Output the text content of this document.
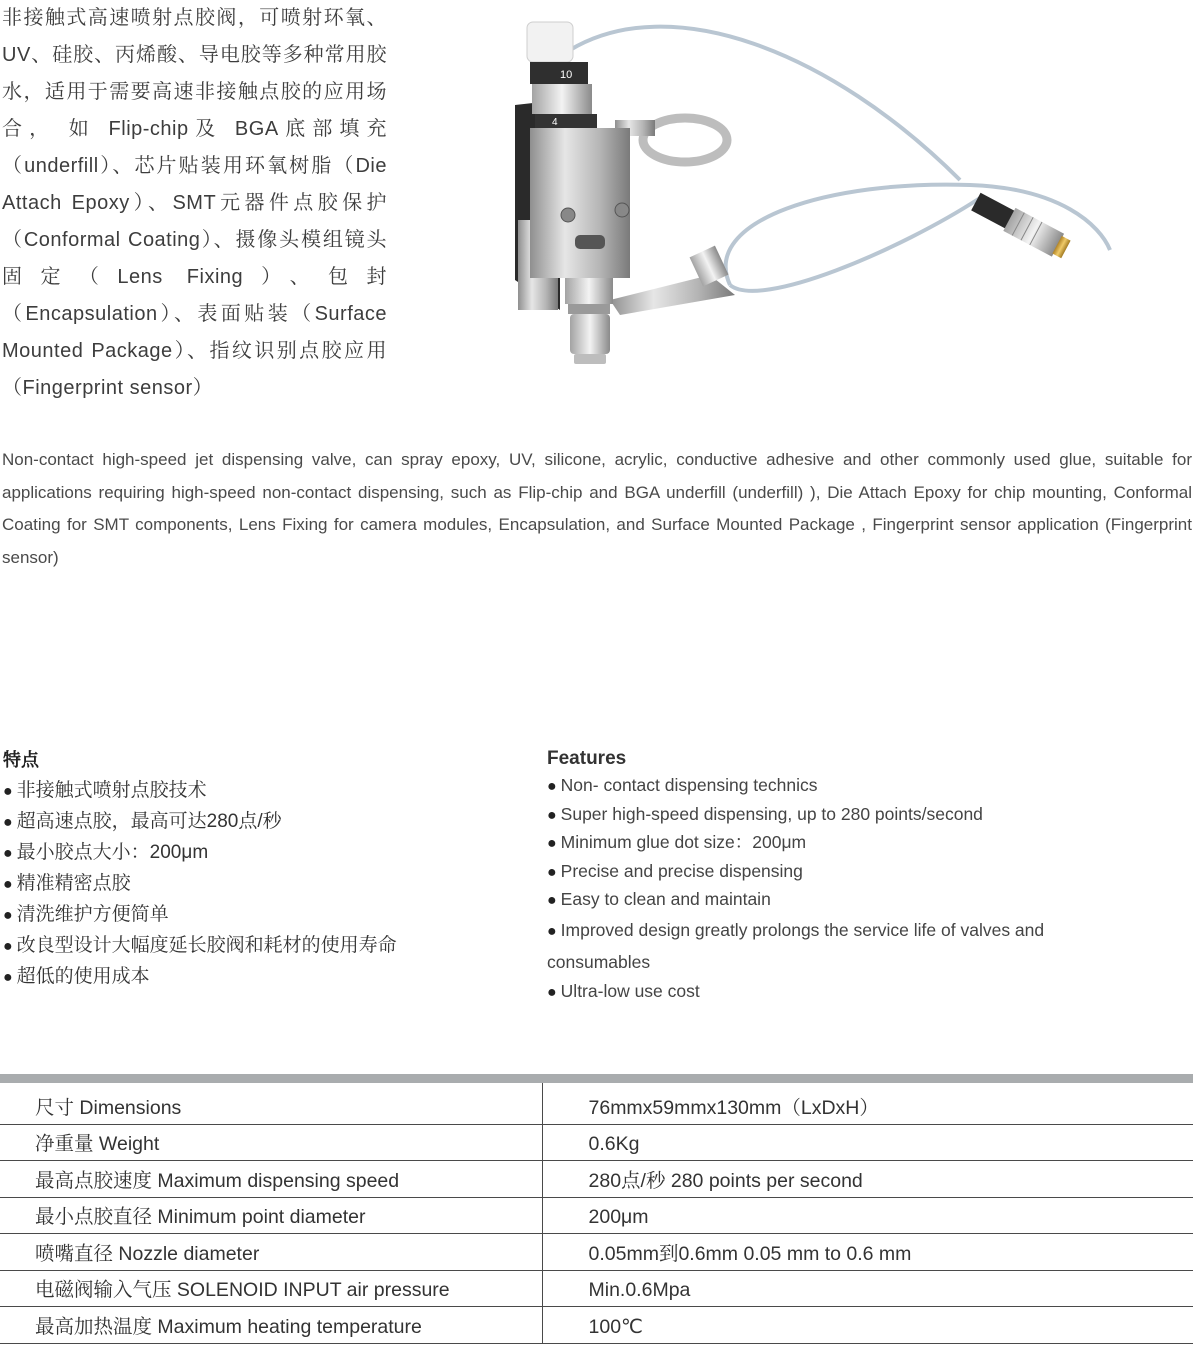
非接触式高速喷射点胶阀，可喷射环氧、UV、硅胶、丙烯酸、导电胶等多种常用胶水，适用于需要高速非接触点胶的应用场合， 如 Flip-chip及 BGA底部填充（underfill）、芯片贴装用环氧树脂（Die Attach Epoxy）、SMT元器件点胶保护（Conformal Coating）、摄像头模组镜头固定（Lens Fixing）、包封（Encapsulation）、表面贴装（Surface Mounted Package）、指纹识别点胶应用（Fingerprint sensor）
10
4
Non-contact high-speed jet dispensing valve, can spray epoxy, UV, silicone, acrylic, conductive adhesive and other commonly used glue, suitable for applications requiring high-speed non-contact dispensing, such as Flip-chip and BGA underfill (underfill) ), Die Attach Epoxy for chip mounting, Conformal Coating for SMT components, Lens Fixing for camera modules, Encapsulation, and Surface Mounted Package , Fingerprint sensor application (Fingerprint sensor)
特点
● 非接触式喷射点胶技术
● 超高速点胶，最高可达280点/秒
● 最小胶点大小：200μm
● 精准精密点胶
● 清洗维护方便简单
● 改良型设计大幅度延长胶阀和耗材的使用寿命
● 超低的使用成本
Features
● Non- contact dispensing technics
● Super high-speed dispensing, up to 280 points/second
● Minimum glue dot size：200μm
● Precise and precise dispensing
● Easy to clean and maintain
● Improved design greatly prolongs the service life of valves and consumables
● Ultra-low use cost
尺寸 Dimensions	76mmx59mmx130mm（LxDxH）
净重量 Weight	0.6Kg
最高点胶速度 Maximum dispensing speed	280点/秒 280 points per second
最小点胶直径 Minimum point diameter	200μm
喷嘴直径 Nozzle diameter	0.05mm到0.6mm 0.05 mm to 0.6 mm
电磁阀输入气压 SOLENOID INPUT air pressure	Min.0.6Mpa
最高加热温度 Maximum heating temperature	100℃
